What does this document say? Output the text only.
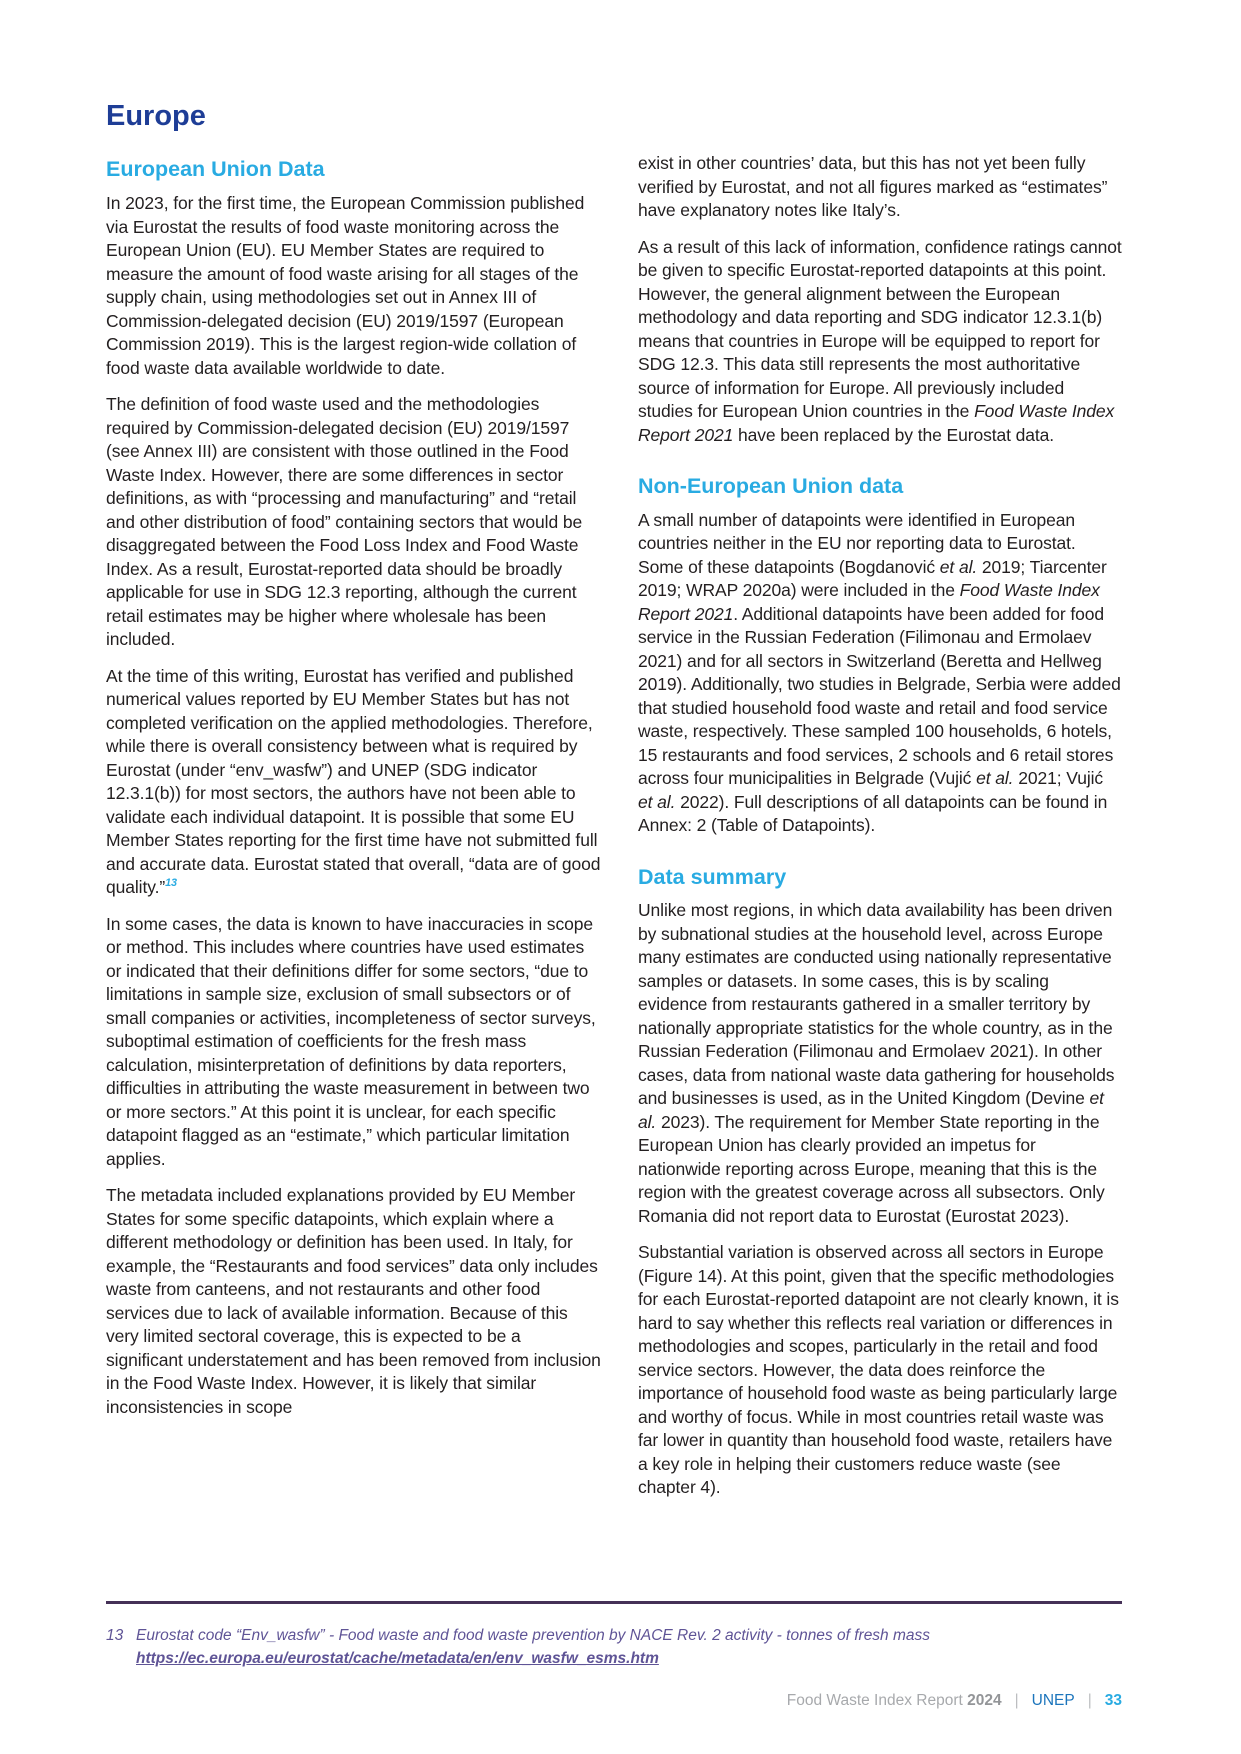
Europe
European Union Data

In 2023, for the first time, the European Commission published via Eurostat the results of food waste monitoring across the European Union (EU). EU Member States are required to measure the amount of food waste arising for all stages of the supply chain, using methodologies set out in Annex III of Commission-delegated decision (EU) 2019/1597 (European Commission 2019). This is the largest region-wide collation of food waste data available worldwide to date.

The definition of food waste used and the methodologies required by Commission-delegated decision (EU) 2019/1597 (see Annex III) are consistent with those outlined in the Food Waste Index. However, there are some differences in sector definitions, as with “processing and manufacturing” and “retail and other distribution of food” containing sectors that would be disaggregated between the Food Loss Index and Food Waste Index. As a result, Eurostat-reported data should be broadly applicable for use in SDG 12.3 reporting, although the current retail estimates may be higher where wholesale has been included.

At the time of this writing, Eurostat has verified and published numerical values reported by EU Member States but has not completed verification on the applied methodologies. Therefore, while there is overall consistency between what is required by Eurostat (under “env_wasfw”) and UNEP (SDG indicator 12.3.1(b)) for most sectors, the authors have not been able to validate each individual datapoint. It is possible that some EU Member States reporting for the first time have not submitted full and accurate data. Eurostat stated that overall, “data are of good quality.”$^{13}$

In some cases, the data is known to have inaccuracies in scope or method. This includes where countries have used estimates or indicated that their definitions differ for some sectors, “due to limitations in sample size, exclusion of small subsectors or of small companies or activities, incompleteness of sector surveys, suboptimal estimation of coefficients for the fresh mass calculation, misinterpretation of definitions by data reporters, difficulties in attributing the waste measurement in between two or more sectors.” At this point it is unclear, for each specific datapoint flagged as an “estimate,” which particular limitation applies.

The metadata included explanations provided by EU Member States for some specific datapoints, which explain where a different methodology or definition has been used. In Italy, for example, the “Restaurants and food services” data only includes waste from canteens, and not restaurants and other food services due to lack of available information. Because of this very limited sectoral coverage, this is expected to be a significant understatement and has been removed from inclusion in the Food Waste Index. However, it is likely that similar inconsistencies in scope

exist in other countries’ data, but this has not yet been fully verified by Eurostat, and not all figures marked as “estimates” have explanatory notes like Italy’s.

As a result of this lack of information, confidence ratings cannot be given to specific Eurostat-reported datapoints at this point. However, the general alignment between the European methodology and data reporting and SDG indicator 12.3.1(b) means that countries in Europe will be equipped to report for SDG 12.3. This data still represents the most authoritative source of information for Europe. All previously included studies for European Union countries in the Food Waste Index Report 2021 have been replaced by the Eurostat data.

Non-European Union data

A small number of datapoints were identified in European countries neither in the EU nor reporting data to Eurostat. Some of these datapoints (Bogdanović et al. 2019; Tiarcenter 2019; WRAP 2020a) were included in the Food Waste Index Report 2021. Additional datapoints have been added for food service in the Russian Federation (Filimonau and Ermolaev 2021) and for all sectors in Switzerland (Beretta and Hellweg 2019). Additionally, two studies in Belgrade, Serbia were added that studied household food waste and retail and food service waste, respectively. These sampled 100 households, 6 hotels, 15 restaurants and food services, 2 schools and 6 retail stores across four municipalities in Belgrade (Vujić et al. 2021; Vujić et al. 2022). Full descriptions of all datapoints can be found in Annex: 2 (Table of Datapoints).

Data summary

Unlike most regions, in which data availability has been driven by subnational studies at the household level, across Europe many estimates are conducted using nationally representative samples or datasets. In some cases, this is by scaling evidence from restaurants gathered in a smaller territory by nationally appropriate statistics for the whole country, as in the Russian Federation (Filimonau and Ermolaev 2021). In other cases, data from national waste data gathering for households and businesses is used, as in the United Kingdom (Devine et al. 2023). The requirement for Member State reporting in the European Union has clearly provided an impetus for nationwide reporting across Europe, meaning that this is the region with the greatest coverage across all subsectors. Only Romania did not report data to Eurostat (Eurostat 2023).

Substantial variation is observed across all sectors in Europe (Figure 14). At this point, given that the specific methodologies for each Eurostat-reported datapoint are not clearly known, it is hard to say whether this reflects real variation or differences in methodologies and scopes, particularly in the retail and food service sectors. However, the data does reinforce the importance of household food waste as being particularly large and worthy of focus. While in most countries retail waste was far lower in quantity than household food waste, retailers have a key role in helping their customers reduce waste (see chapter 4).

13 Eurostat code “Env_wasfw” - Food waste and food waste prevention by NACE Rev. 2 activity - tonnes of fresh mass https://ec.europa.eu/eurostat/cache/metadata/en/env_wasfw_esms.htm
Food Waste Index Report 2024 | UNEP | 33
